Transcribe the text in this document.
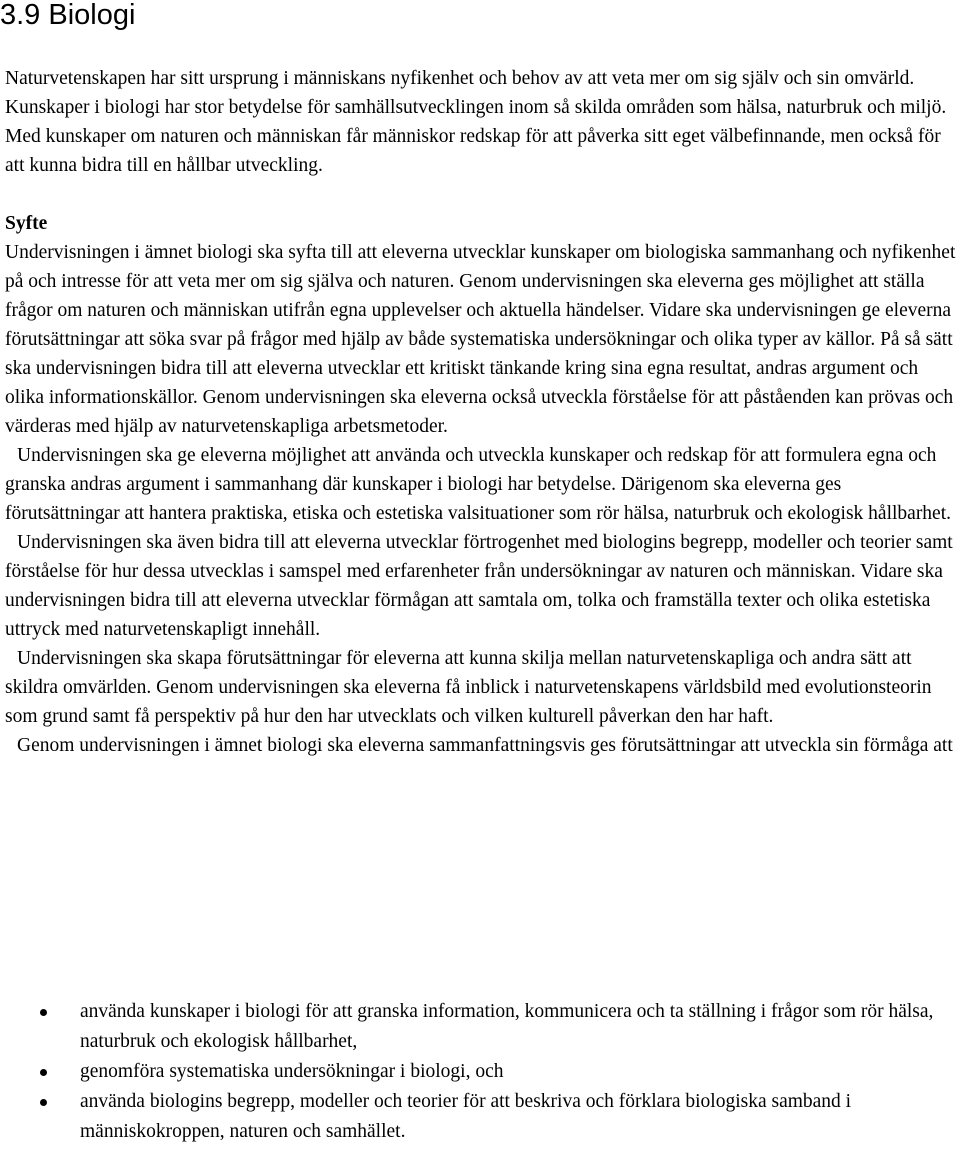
3.9 Biologi

Naturvetenskapen har sitt ursprung i människans nyfikenhet och behov av att veta mer om sig själv och sin omvärld. Kunskaper i biologi har stor betydelse för samhällsutvecklingen inom så skilda områden som hälsa, naturbruk och miljö. Med kunskaper om naturen och människan får människor redskap för att påverka sitt eget välbefinnande, men också för att kunna bidra till en hållbar utveckling.

Syfte

Undervisningen i ämnet biologi ska syfta till att eleverna utvecklar kunskaper om biologiska sammanhang och nyfikenhet på och intresse för att veta mer om sig själva och naturen. Genom undervisningen ska eleverna ges möjlighet att ställa frågor om naturen och människan utifrån egna upplevelser och aktuella händelser. Vidare ska undervisningen ge eleverna förutsättningar att söka svar på frågor med hjälp av både systematiska undersökningar och olika typer av källor. På så sätt ska undervisningen bidra till att eleverna utvecklar ett kritiskt tänkande kring sina egna resultat, andras argument och olika informationskällor. Genom undervisningen ska eleverna också utveckla förståelse för att påståenden kan prövas och värderas med hjälp av naturvetenskapliga arbetsmetoder.

Undervisningen ska ge eleverna möjlighet att använda och utveckla kunskaper och redskap för att formulera egna och granska andras argument i sammanhang där kunskaper i biologi har betydelse. Därigenom ska eleverna ges förutsättningar att hantera praktiska, etiska och estetiska valsituationer som rör hälsa, naturbruk och ekologisk hållbarhet.

Undervisningen ska även bidra till att eleverna utvecklar förtrogenhet med biologins begrepp, modeller och teorier samt förståelse för hur dessa utvecklas i samspel med erfarenheter från undersökningar av naturen och människan. Vidare ska undervisningen bidra till att eleverna utvecklar förmågan att samtala om, tolka och framställa texter och olika estetiska uttryck med naturvetenskapligt innehåll.

Undervisningen ska skapa förutsättningar för eleverna att kunna skilja mellan naturvetenskapliga och andra sätt att skildra omvärlden. Genom undervisningen ska eleverna få inblick i naturvetenskapens världsbild med evolutionsteorin som grund samt få perspektiv på hur den har utvecklats och vilken kulturell påverkan den har haft.

Genom undervisningen i ämnet biologi ska eleverna sammanfattningsvis ges förutsättningar att utveckla sin förmåga att

använda kunskaper i biologi för att granska information, kommunicera och ta ställning i frågor som rör hälsa, naturbruk och ekologisk hållbarhet,
genomföra systematiska undersökningar i biologi, och
använda biologins begrepp, modeller och teorier för att beskriva och förklara biologiska samband i människokroppen, naturen och samhället.
